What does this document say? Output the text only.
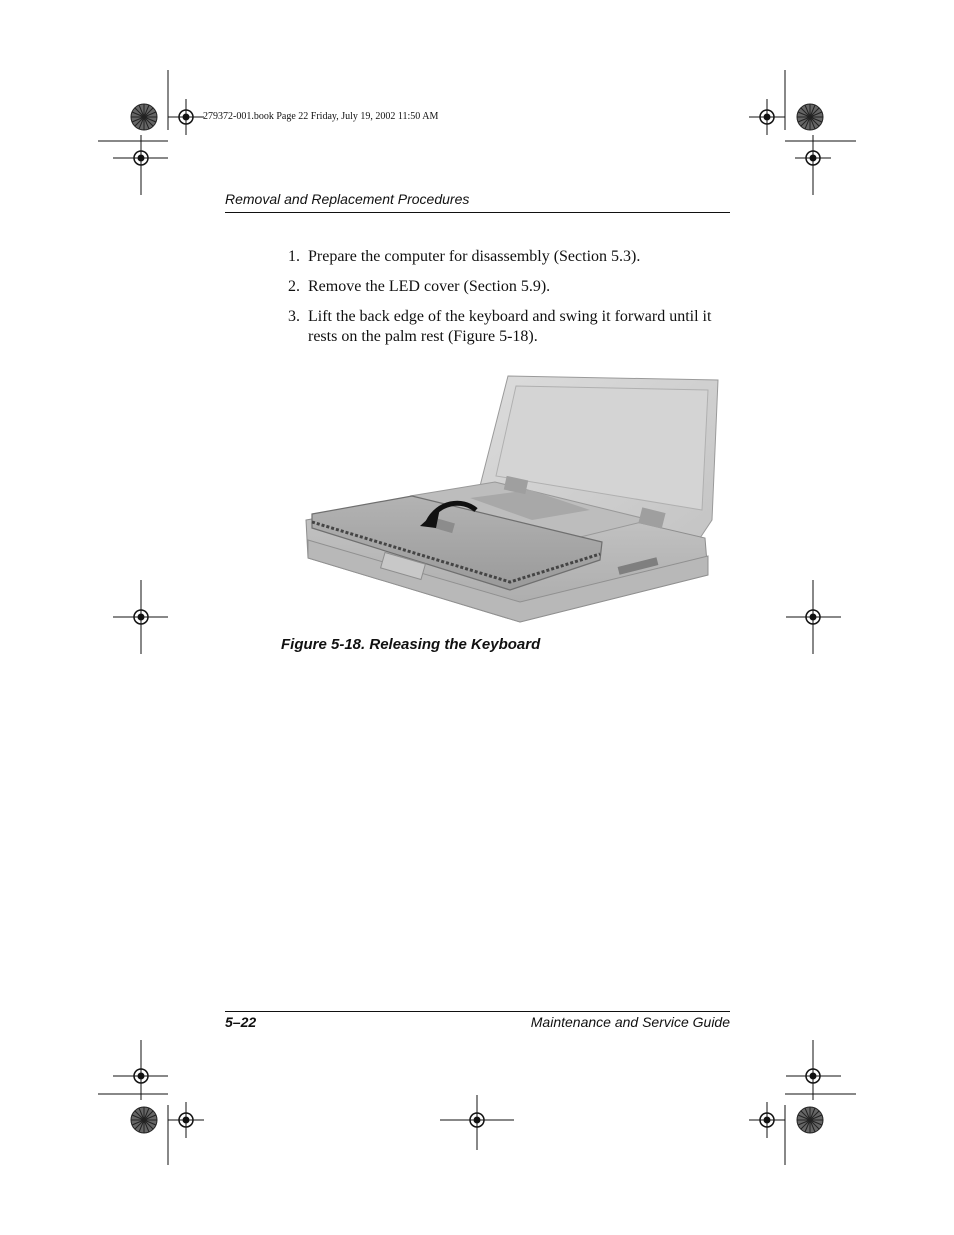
279372-001.book Page 22 Friday, July 19, 2002 11:50 AM
Removal and Replacement Procedures
1. Prepare the computer for disassembly (Section 5.3).
2. Remove the LED cover (Section 5.9).
3. Lift the back edge of the keyboard and swing it forward until it rests on the palm rest (Figure 5-18).
Figure 5-18. Releasing the Keyboard
5–22	Maintenance and Service Guide
